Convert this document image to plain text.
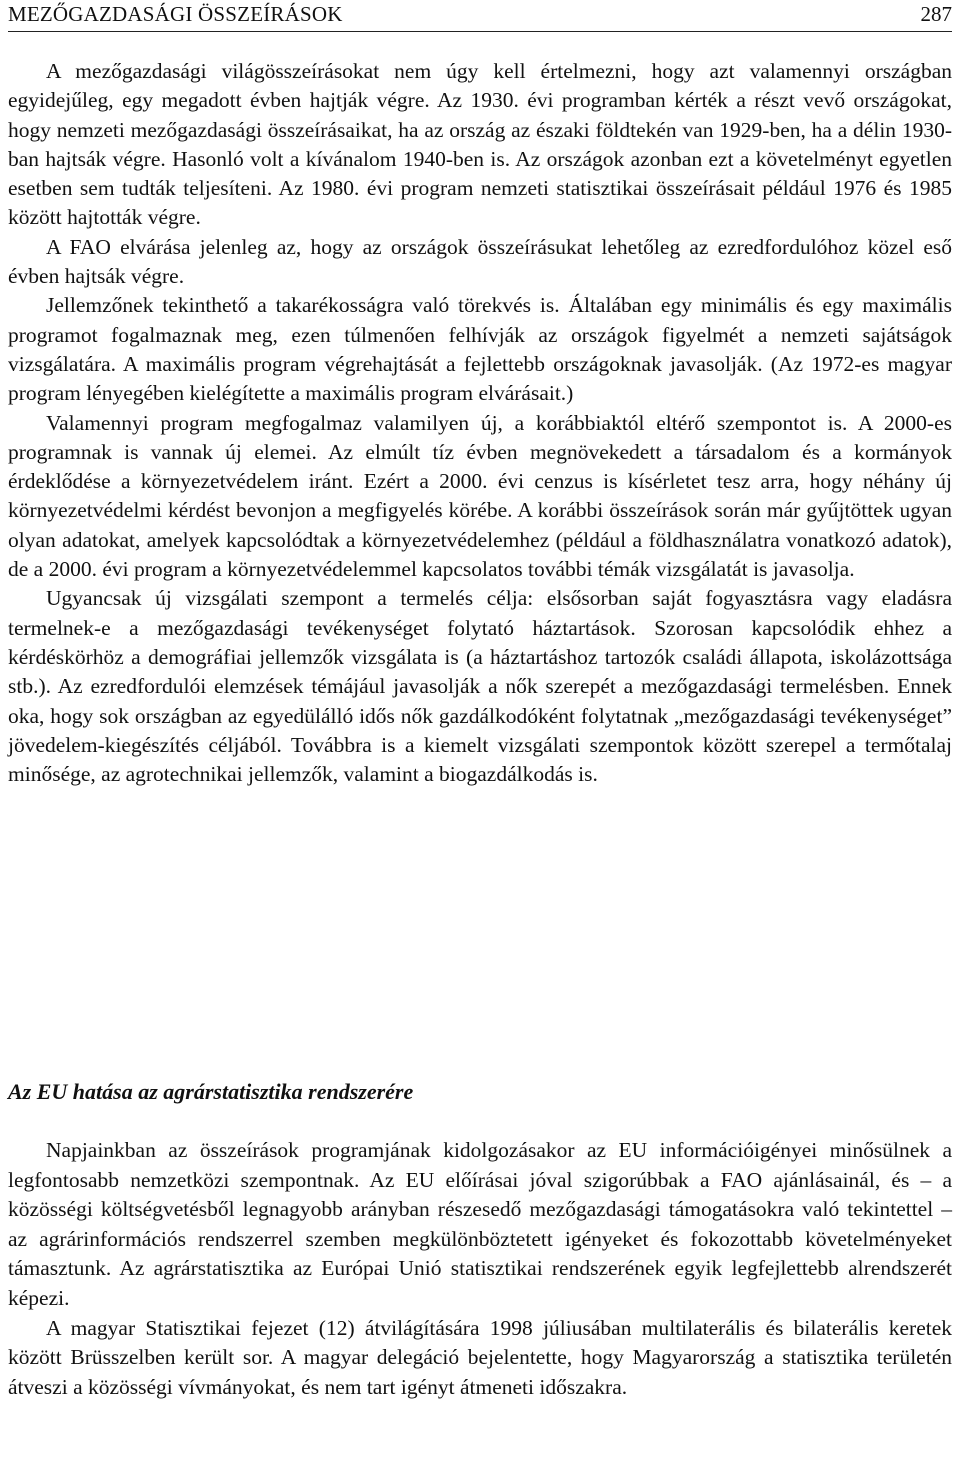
MEZŐGAZDASÁGI ÖSSZEÍRÁSOK	287

A mezőgazdasági világösszeírásokat nem úgy kell értelmezni, hogy azt valamennyi országban egyidejűleg, egy megadott évben hajtják végre. Az 1930. évi programban kérték a részt vevő országokat, hogy nemzeti mezőgazdasági összeírásaikat, ha az ország az északi földtekén van 1929-ben, ha a délin 1930-ban hajtsák végre. Hasonló volt a kívánalom 1940-ben is. Az országok azonban ezt a követelményt egyetlen esetben sem tudták teljesíteni. Az 1980. évi program nemzeti statisztikai összeírásait például 1976 és 1985 között hajtották végre.

A FAO elvárása jelenleg az, hogy az országok összeírásukat lehetőleg az ezredfordulóhoz közel eső évben hajtsák végre.

Jellemzőnek tekinthető a takarékosságra való törekvés is. Általában egy minimális és egy maximális programot fogalmaznak meg, ezen túlmenően felhívják az országok figyelmét a nemzeti sajátságok vizsgálatára. A maximális program végrehajtását a fejlettebb országoknak javasolják. (Az 1972-es magyar program lényegében kielégítette a maximális program elvárásait.)

Valamennyi program megfogalmaz valamilyen új, a korábbiaktól eltérő szempontot is. A 2000-es programnak is vannak új elemei. Az elmúlt tíz évben megnövekedett a társadalom és a kormányok érdeklődése a környezetvédelem iránt. Ezért a 2000. évi cenzus is kísérletet tesz arra, hogy néhány új környezetvédelmi kérdést bevonjon a megfigyelés körébe. A korábbi összeírások során már gyűjtöttek ugyan olyan adatokat, amelyek kapcsolódtak a környezetvédelemhez (például a földhasználatra vonatkozó adatok), de a 2000. évi program a környezetvédelemmel kapcsolatos további témák vizsgálatát is javasolja.

Ugyancsak új vizsgálati szempont a termelés célja: elsősorban saját fogyasztásra vagy eladásra termelnek-e a mezőgazdasági tevékenységet folytató háztartások. Szorosan kapcsolódik ehhez a kérdéskörhöz a demográfiai jellemzők vizsgálata is (a háztartáshoz tartozók családi állapota, iskolázottsága stb.). Az ezredfordulói elemzések témájául javasolják a nők szerepét a mezőgazdasági termelésben. Ennek oka, hogy sok országban az egyedülálló idős nők gazdálkodóként folytatnak „mezőgazdasági tevékenységet” jövedelem-kiegészítés céljából. Továbbra is a kiemelt vizsgálati szempontok között szerepel a termőtalaj minősége, az agrotechnikai jellemzők, valamint a biogazdálkodás is.

Az EU hatása az agrárstatisztika rendszerére

Napjainkban az összeírások programjának kidolgozásakor az EU információigényei minősülnek a legfontosabb nemzetközi szempontnak. Az EU előírásai jóval szigorúbbak a FAO ajánlásainál, és – a közösségi költségvetésből legnagyobb arányban részesedő mezőgazdasági támogatásokra való tekintettel – az agrárinformációs rendszerrel szemben megkülönböztetett igényeket és fokozottabb követelményeket támasztunk. Az agrárstatisztika az Európai Unió statisztikai rendszerének egyik legfejlettebb alrendszerét képezi.

A magyar Statisztikai fejezet (12) átvilágítására 1998 júliusában multilaterális és bilaterális keretek között Brüsszelben került sor. A magyar delegáció bejelentette, hogy Magyarország a statisztika területén átveszi a közösségi vívmányokat, és nem tart igényt átmeneti időszakra.
